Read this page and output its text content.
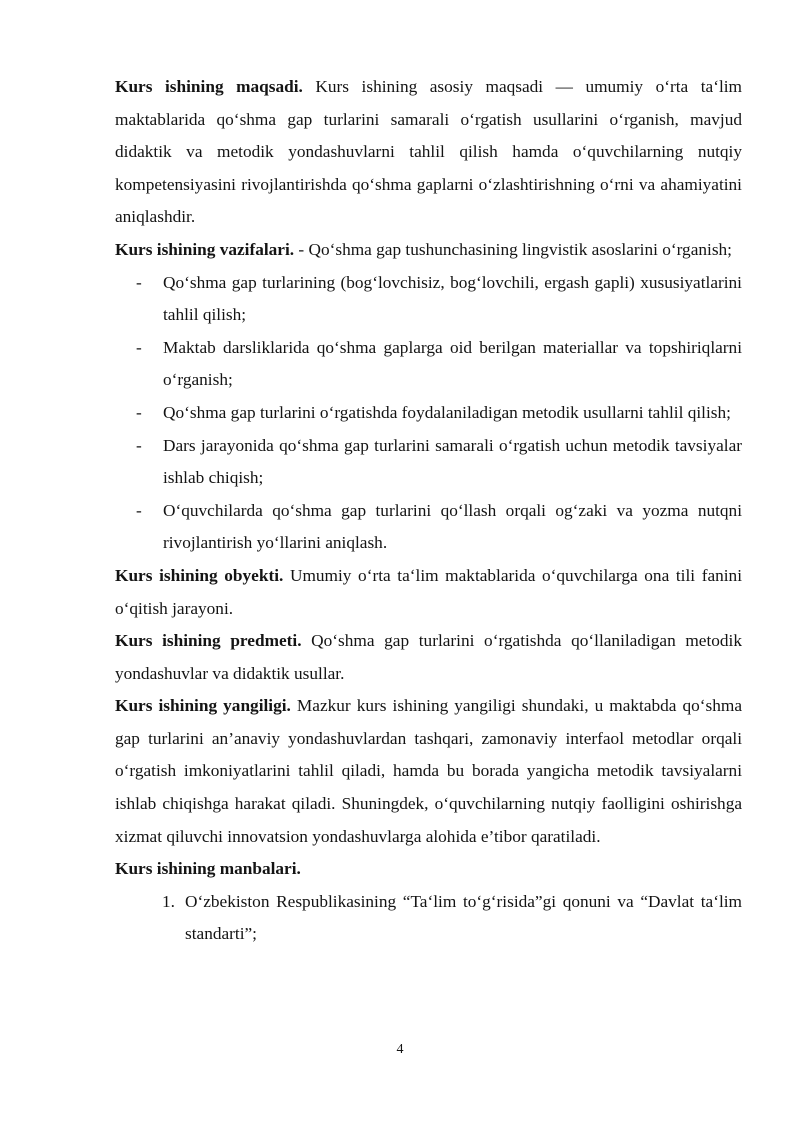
Kurs ishining maqsadi. Kurs ishining asosiy maqsadi — umumiy o‘rta ta‘lim maktablarida qo‘shma gap turlarini samarali o‘rgatish usullarini o‘rganish, mavjud didaktik va metodik yondashuvlarni tahlil qilish hamda o‘quvchilarning nutqiy kompetensiyasini rivojlantirishda qo‘shma gaplarni o‘zlashtirishning o‘rni va ahamiyatini aniqlashdir.

Kurs ishining vazifalari. - Qo‘shma gap tushunchasining lingvistik asoslarini o‘rganish;

- Qo‘shma gap turlarining (bog‘lovchisiz, bog‘lovchili, ergash gapli) xususiyatlarini tahlil qilish;
- Maktab darsliklarida qo‘shma gaplarga oid berilgan materiallar va topshiriqlarni o‘rganish;
- Qo‘shma gap turlarini o‘rgatishda foydalaniladigan metodik usullarni tahlil qilish;
- Dars jarayonida qo‘shma gap turlarini samarali o‘rgatish uchun metodik tavsiyalar ishlab chiqish;
- O‘quvchilarda qo‘shma gap turlarini qo‘llash orqali og‘zaki va yozma nutqni rivojlantirish yo‘llarini aniqlash.

Kurs ishining obyekti. Umumiy o‘rta ta‘lim maktablarida o‘quvchilarga ona tili fanini o‘qitish jarayoni.

Kurs ishining predmeti. Qo‘shma gap turlarini o‘rgatishda qo‘llaniladigan metodik yondashuvlar va didaktik usullar.

Kurs ishining yangiligi. Mazkur kurs ishining yangiligi shundaki, u maktabda qo‘shma gap turlarini an’anaviy yondashuvlardan tashqari, zamonaviy interfaol metodlar orqali o‘rgatish imkoniyatlarini tahlil qiladi, hamda bu borada yangicha metodik tavsiyalarni ishlab chiqishga harakat qiladi. Shuningdek, o‘quvchilarning nutqiy faolligini oshirishga xizmat qiluvchi innovatsion yondashuvlarga alohida e’tibor qaratiladi.

Kurs ishining manbalari.

1. O‘zbekiston Respublikasining “Ta‘lim to‘g‘risida”gi qonuni va “Davlat ta‘lim standarti”;
4
